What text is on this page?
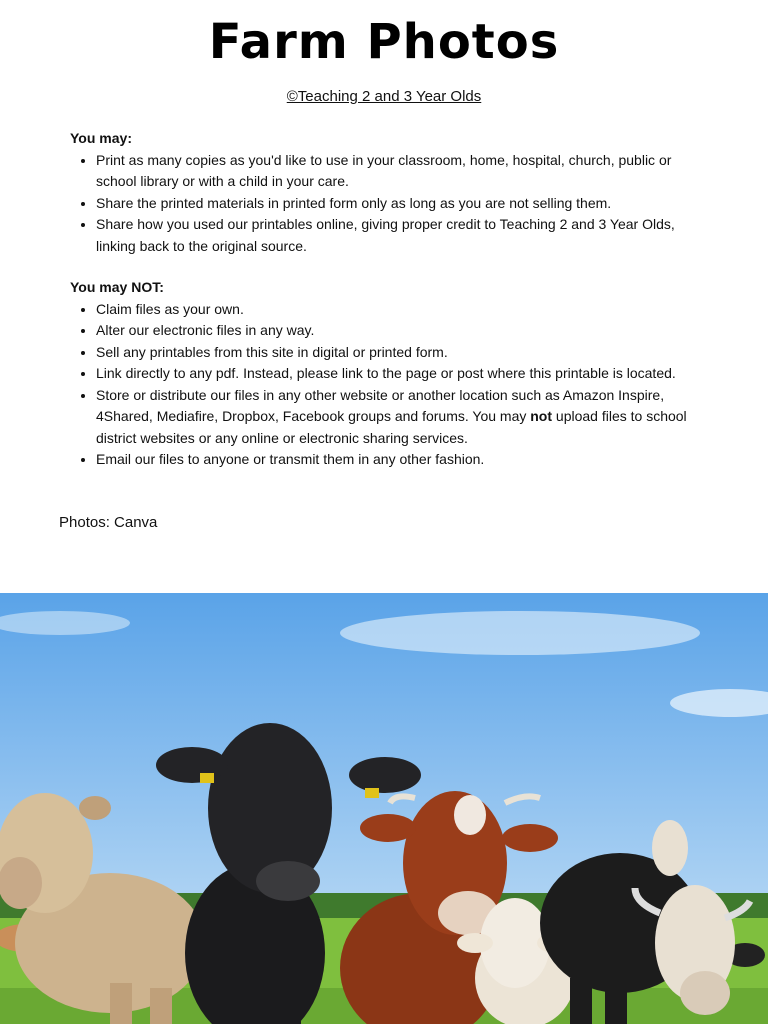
Farm Photos
©Teaching 2 and 3 Year Olds

You may:

• Print as many copies as you'd like to use in your classroom, home, hospital, church, public or school library or with a child in your care.
• Share the printed materials in printed form only as long as you are not selling them.
• Share how you used our printables online, giving proper credit to Teaching 2 and 3 Year Olds, linking back to the original source.

You may NOT:

• Claim files as your own.
• Alter our electronic files in any way.
• Sell any printables from this site in digital or printed form.
• Link directly to any pdf. Instead, please link to the page or post where this printable is located.
• Store or distribute our files in any other website or another location such as Amazon Inspire, 4Shared, Mediafire, Dropbox, Facebook groups and forums. You may not upload files to school district websites or any online or electronic sharing services.
• Email our files to anyone or transmit them in any other fashion.
Photos: Canva
